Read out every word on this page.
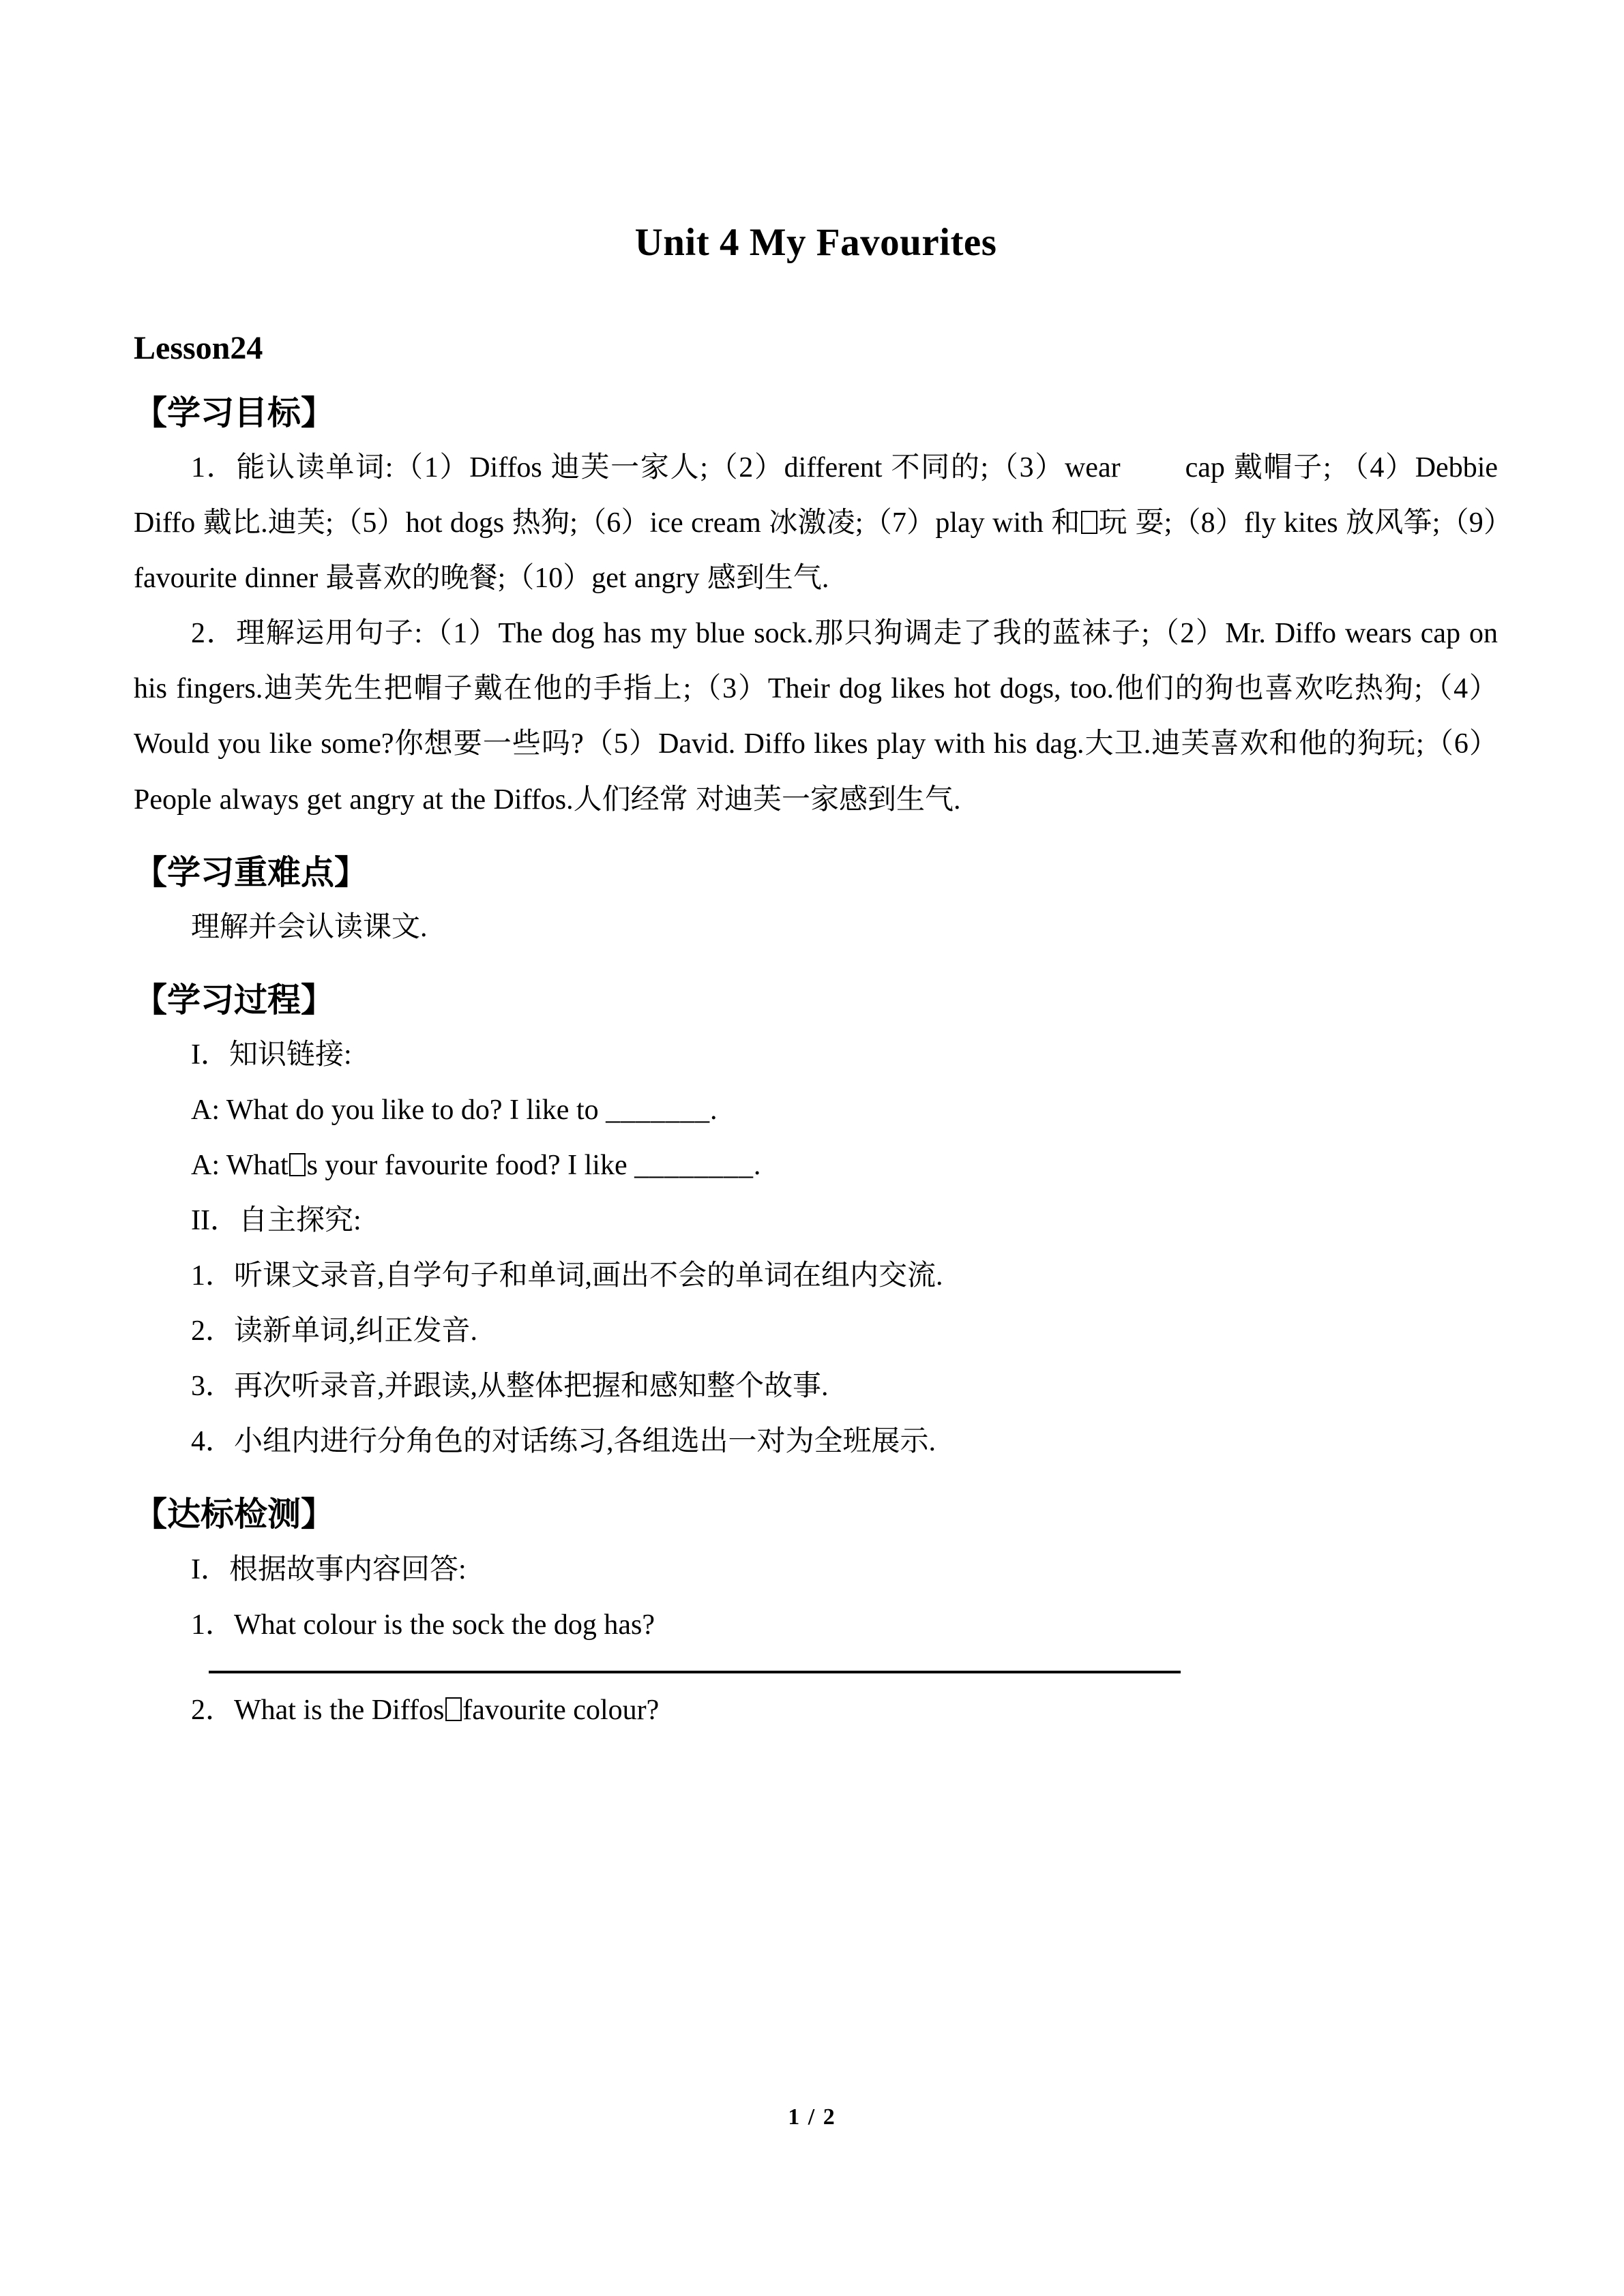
Unit 4 My Favourites
Lesson24
【学习目标】

1．能认读单词:（1）Diffos 迪芙一家人;（2）different 不同的;（3）wear cap 戴帽子; （4）Debbie Diffo 戴比.迪芙;（5）hot dogs 热狗;（6）ice cream 冰激凌;（7）play with 和 玩 耍;（8）fly kites 放风筝;（9）favourite dinner 最喜欢的晚餐;（10）get angry 感到生气.

2．理解运用句子:（1）The dog has my blue sock.那只狗调走了我的蓝袜子;（2）Mr. Diffo wears cap on his fingers.迪芙先生把帽子戴在他的手指上;（3）Their dog likes hot dogs, too.他们的狗也喜欢吃热狗;（4）Would you like some?你想要一些吗?（5）David. Diffo likes play with his dag.大卫.迪芙喜欢和他的狗玩;（6）People always get angry at the Diffos.人们经常 对迪芙一家感到生气.

【学习重难点】

理解并会认读课文.

【学习过程】

I．知识链接:

A: What do you like to do? I like to _______.

A: What s your favourite food? I like ________.

II．自主探究:

1．听课文录音,自学句子和单词,画出不会的单词在组内交流.

2．读新单词,纠正发音.

3．再次听录音,并跟读,从整体把握和感知整个故事.

4．小组内进行分角色的对话练习,各组选出一对为全班展示.

【达标检测】

I．根据故事内容回答:

1．What colour is the sock the dog has?

2．What is the Diffos favourite colour?

1 / 2
